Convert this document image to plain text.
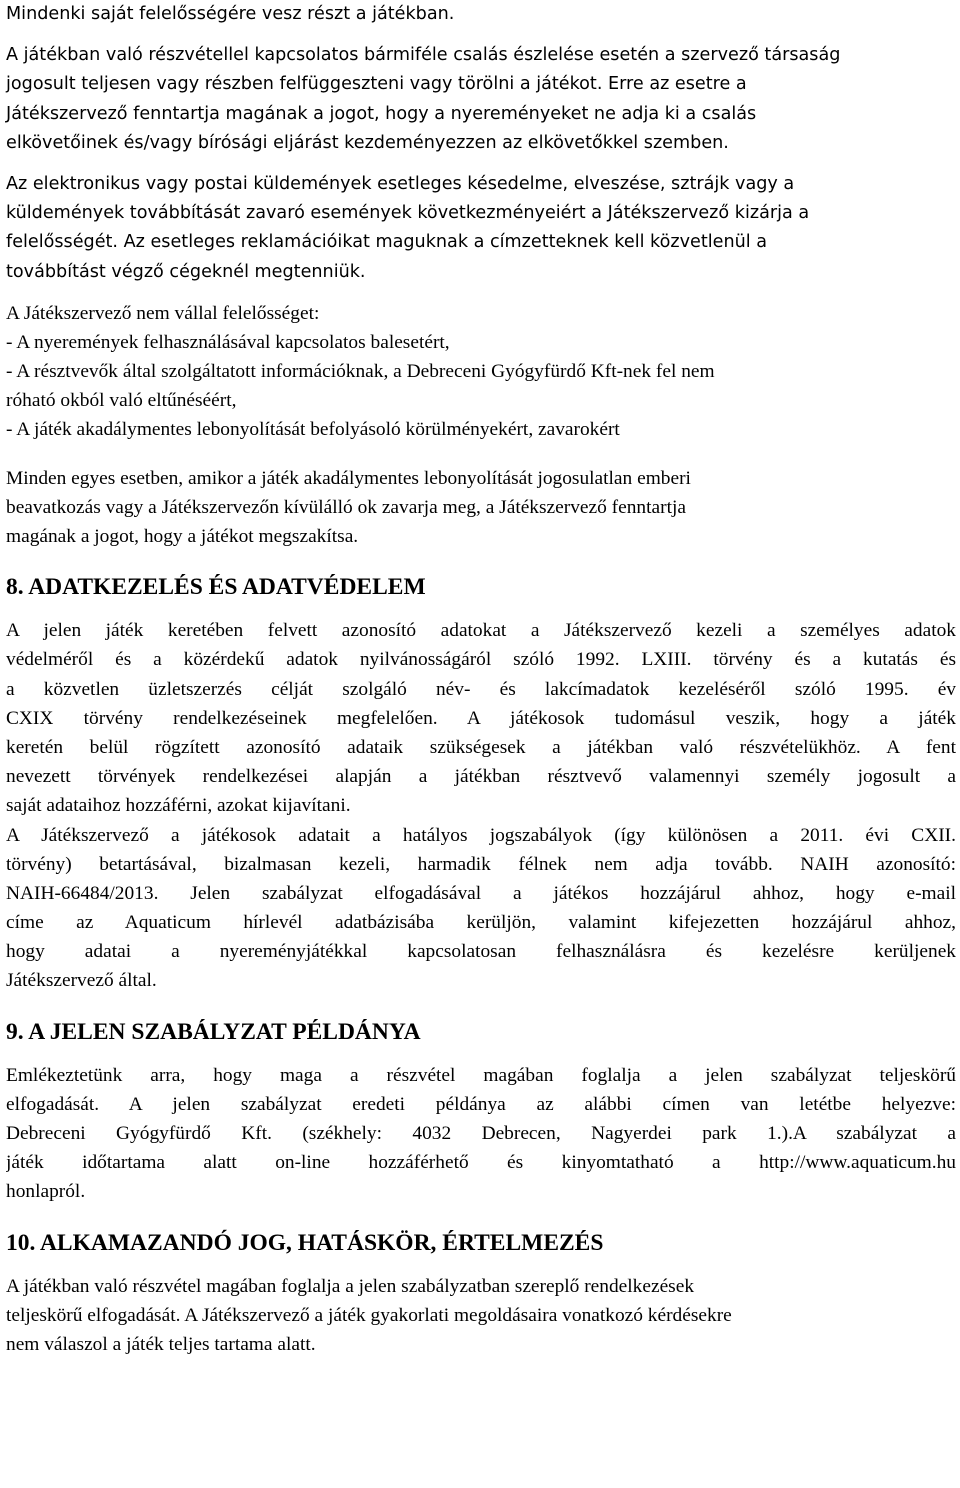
Mindenki saját felelősségére vesz részt a játékban.
A játékban való részvétellel kapcsolatos bármiféle csalás észlelése esetén a szervező társaság
jogosult teljesen vagy részben felfüggeszteni vagy törölni a játékot. Erre az esetre a
Játékszervező fenntartja magának a jogot, hogy a nyereményeket ne adja ki a csalás
elkövetőinek és/vagy bírósági eljárást kezdeményezzen az elkövetőkkel szemben.
Az elektronikus vagy postai küldemények esetleges késedelme, elveszése, sztrájk vagy a
küldemények továbbítását zavaró események következményeiért a Játékszervező kizárja a
felelősségét. Az esetleges reklamációikat maguknak a címzetteknek kell közvetlenül a
továbbítást végző cégeknél megtenniük.
A Játékszervező nem vállal felelősséget:
- A nyeremények felhasználásával kapcsolatos balesetért,
- A résztvevők által szolgáltatott információknak, a Debreceni Gyógyfürdő Kft-nek fel nem
róható okból való eltűnéséért,
- A játék akadálymentes lebonyolítását befolyásoló körülményekért, zavarokért
Minden egyes esetben, amikor a játék akadálymentes lebonyolítását jogosulatlan emberi
beavatkozás vagy a Játékszervezőn kívülálló ok zavarja meg, a Játékszervező fenntartja
magának a jogot, hogy a játékot megszakítsa.
8. ADATKEZELÉS ÉS ADATVÉDELEM
A jelen játék keretében felvett azonosító adatokat a Játékszervező kezeli a személyes adatok
védelméről és a közérdekű adatok nyilvánosságáról szóló 1992. LXIII. törvény és a kutatás és
a közvetlen üzletszerzés célját szolgáló név- és lakcímadatok kezeléséről szóló 1995. év
CXIX törvény rendelkezéseinek megfelelően. A játékosok tudomásul veszik, hogy a játék
keretén belül rögzített azonosító adataik szükségesek a játékban való részvételükhöz. A fent
nevezett törvények rendelkezései alapján a játékban résztvevő valamennyi személy jogosult a
saját adataihoz hozzáférni, azokat kijavítani.
A Játékszervező a játékosok adatait a hatályos jogszabályok (így különösen a 2011. évi CXII.
törvény) betartásával, bizalmasan kezeli, harmadik félnek nem adja tovább. NAIH azonosító:
NAIH-66484/2013. Jelen szabályzat elfogadásával a játékos hozzájárul ahhoz, hogy e-mail
címe az Aquaticum hírlevél adatbázisába kerüljön, valamint kifejezetten hozzájárul ahhoz,
hogy adatai a nyereményjátékkal kapcsolatosan felhasználásra és kezelésre kerüljenek
Játékszervező által.
9. A JELEN SZABÁLYZAT PÉLDÁNYA
Emlékeztetünk arra, hogy maga a részvétel magában foglalja a jelen szabályzat teljeskörű
elfogadását. A jelen szabályzat eredeti példánya az alábbi címen van letétbe helyezve:
Debreceni Gyógyfürdő Kft. (székhely: 4032 Debrecen, Nagyerdei park 1.).A szabályzat a
játék időtartama alatt on-line hozzáférhető és kinyomtatható a http://www.aquaticum.hu
honlapról.
10. ALKAMAZANDÓ JOG, HATÁSKÖR, ÉRTELMEZÉS
A játékban való részvétel magában foglalja a jelen szabályzatban szereplő rendelkezések
teljeskörű elfogadását. A Játékszervező a játék gyakorlati megoldásaira vonatkozó kérdésekre
nem válaszol a játék teljes tartama alatt.
